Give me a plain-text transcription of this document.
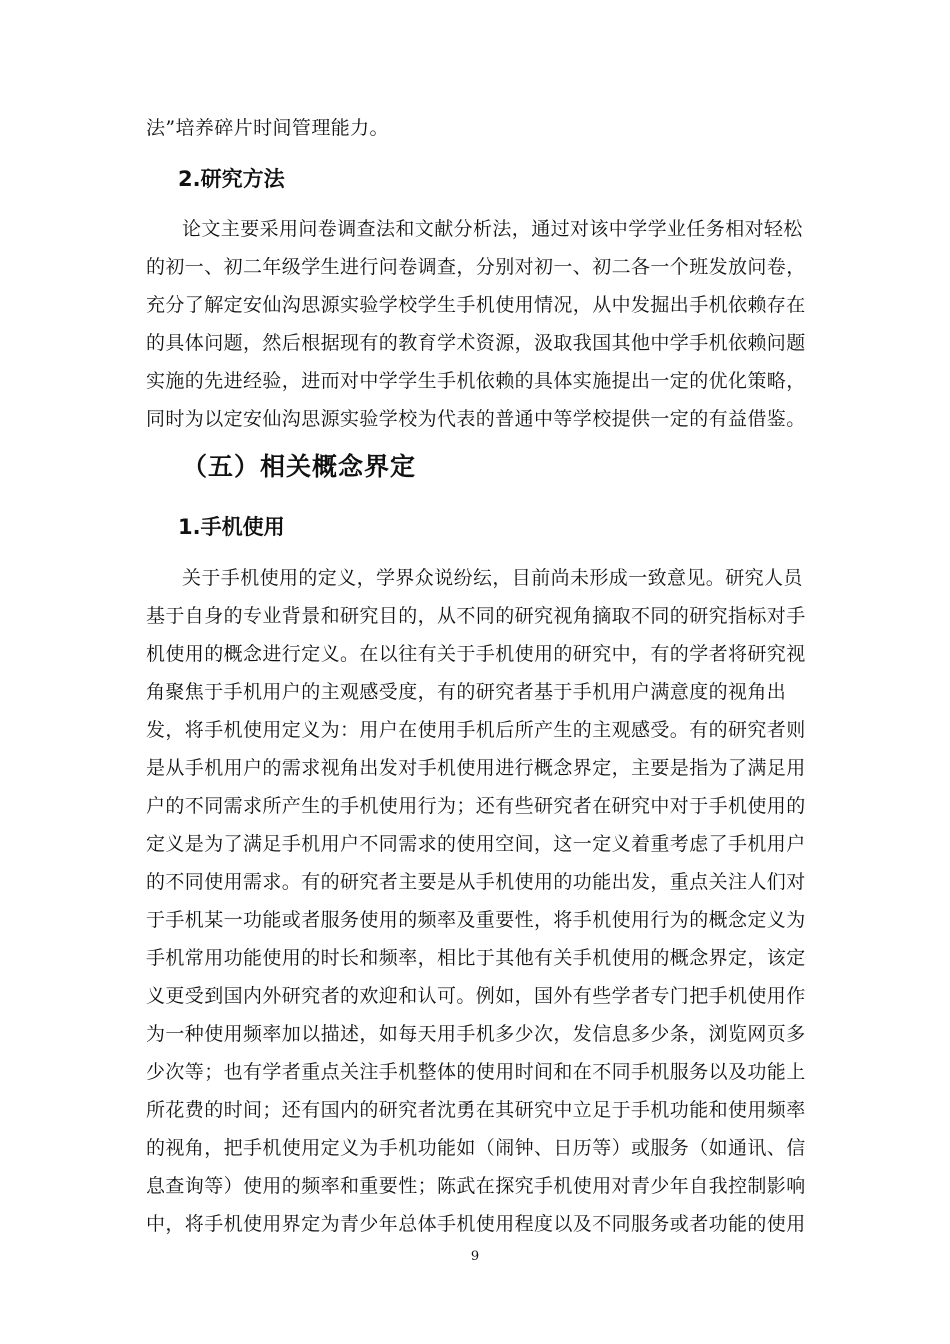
法”培养碎片时间管理能力。
2.研究方法
论文主要采用问卷调查法和文献分析法，通过对该中学学业任务相对轻松
的初一、初二年级学生进行问卷调查，分别对初一、初二各一个班发放问卷，
充分了解定安仙沟思源实验学校学生手机使用情况，从中发掘出手机依赖存在
的具体问题，然后根据现有的教育学术资源，汲取我国其他中学手机依赖问题
实施的先进经验，进而对中学学生手机依赖的具体实施提出一定的优化策略，
同时为以定安仙沟思源实验学校为代表的普通中等学校提供一定的有益借鉴。
（五）相关概念界定
1.手机使用
关于手机使用的定义，学界众说纷纭，目前尚未形成一致意见。研究人员
基于自身的专业背景和研究目的，从不同的研究视角摘取不同的研究指标对手
机使用的概念进行定义。在以往有关于手机使用的研究中，有的学者将研究视
角聚焦于手机用户的主观感受度，有的研究者基于手机用户满意度的视角出
发，将手机使用定义为：用户在使用手机后所产生的主观感受。有的研究者则
是从手机用户的需求视角出发对手机使用进行概念界定，主要是指为了满足用
户的不同需求所产生的手机使用行为；还有些研究者在研究中对于手机使用的
定义是为了满足手机用户不同需求的使用空间，这一定义着重考虑了手机用户
的不同使用需求。有的研究者主要是从手机使用的功能出发，重点关注人们对
于手机某一功能或者服务使用的频率及重要性，将手机使用行为的概念定义为
手机常用功能使用的时长和频率，相比于其他有关手机使用的概念界定，该定
义更受到国内外研究者的欢迎和认可。例如，国外有些学者专门把手机使用作
为一种使用频率加以描述，如每天用手机多少次，发信息多少条，浏览网页多
少次等；也有学者重点关注手机整体的使用时间和在不同手机服务以及功能上
所花费的时间；还有国内的研究者沈勇在其研究中立足于手机功能和使用频率
的视角，把手机使用定义为手机功能如（闹钟、日历等）或服务（如通讯、信
息查询等）使用的频率和重要性；陈武在探究手机使用对青少年自我控制影响
中，将手机使用界定为青少年总体手机使用程度以及不同服务或者功能的使用
9
